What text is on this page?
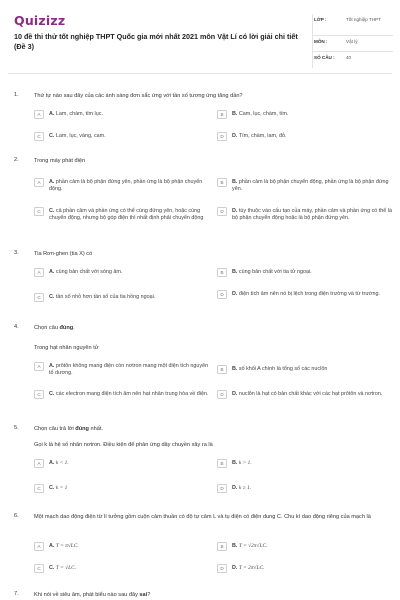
Quizizz
10 đề thi thử tốt nghiệp THPT Quốc gia mới nhất 2021 môn Vật Lí có lời giải chi tiết (Đề 3)
LỚP :	Tốt nghiệp THPT
MÔN :	Vật lý
SỐ CÂU : 40
1.	Thứ tự nào sau đây của các ánh sáng đơn sắc ứng với tần số tương ứng tăng dần?
A	A. Lam, chàm, tím lục.	B	B. Cam, lục, chàm, tím.
C	C. Lam, lục, vàng, cam.	D	D. Tím, chàm, lam, đỏ.
2.	Trong máy phát điện
A	A. phần cảm là bộ phận đứng yên, phần ứng là bộ phận chuyển động.
B	B. phần cảm là bộ phận chuyển động, phần ứng là bộ phận đứng yên.
C	C. cả phần cảm và phần ứng có thể cùng đứng yên, hoặc cùng chuyển động, nhưng bộ góp điện thì nhất định phải chuyển động
D	D. tùy thuộc vào cấu tạo của máy, phần cảm và phần ứng có thể là bộ phận chuyển động hoặc là bộ phận đứng yên.
3.	Tia Rơn-ghen (tia X) có
A	A. cùng bản chất với sóng âm.	B	B. cùng bản chất với tia tử ngoại.
C	C. tần số nhỏ hơn tần số của tia hồng ngoại.	D	D. điện tích âm nên nó bị lệch trong điện trường và từ trường.
4.	Chọn câu đúng.
Trong hạt nhân nguyên tử
A	A. prôtôn không mang điện còn nơtron mang một điện tích nguyên tố dương.
B	B. số khối A chính là tổng số các nuclôn
C	C. các electron mang điện tích âm nên hạt nhân trung hòa về điện.	D	D. nuclôn là hạt có bản chất khác với các hạt prôtôn và nơtron.
5.	Chọn câu trả lời đúng nhất.
Gọi k là hệ số nhân nơtron. Điều kiện để phản ứng dây chuyền xảy ra là
A	A. k < 1.	B	B. k > 1.
C	C. k = 1	D	D. k ≥ 1.
6.	Một mạch dao động điện từ lí tưởng gồm cuộn cảm thuần có độ tự cảm L và tụ điện có điện dung C. Chu kì dao động riêng của mạch là
A	A. T = π√LC.	B	B. T = √2π√LC.
C	C. T = √LC.	D	D. T = 2π√LC.
7.	Khi nói về siêu âm, phát biểu nào sau đây sai?
